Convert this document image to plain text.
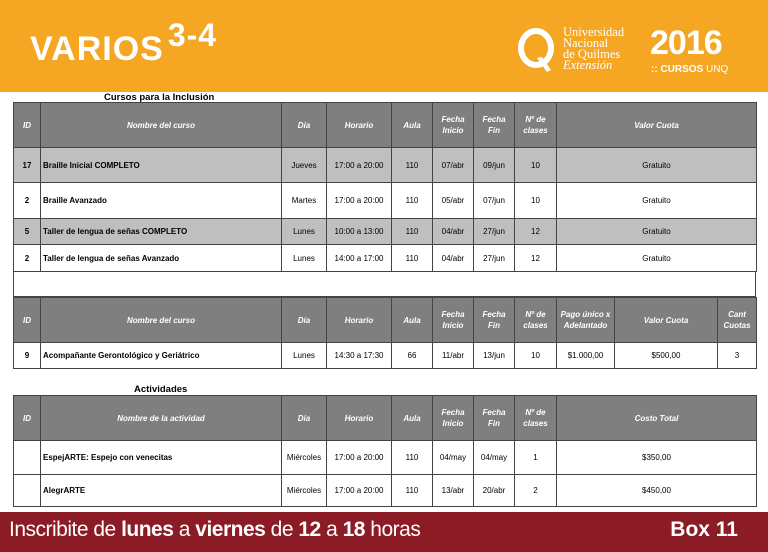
VARIOS 3-4	Universidad
Nacional
de Quilmes
Extensión
2016
:: CURSOS UNQ
Cursos para la Inclusión
ID	Nombre del curso	Día	Horario	Aula	Fecha Inicio	Fecha Fin	Nº de clases	Valor Cuota
17	Braille Inicial COMPLETO	Jueves	17:00 a 20:00	110	07/abr	09/jun	10	Gratuito
2	Braille Avanzado	Martes	17:00 a 20:00	110	05/abr	07/jun	10	Gratuito
5	Taller de lengua de señas COMPLETO	Lunes	10:00 a 13:00	110	04/abr	27/jun	12	Gratuito
2	Taller de lengua de señas Avanzado	Lunes	14:00 a 17:00	110	04/abr	27/jun	12	Gratuito
ID	Nombre del curso	Día	Horario	Aula	Fecha Inicio	Fecha Fin	Nº de clases	Pago único x Adelantado	Valor Cuota	Cant Cuotas
9	Acompañante Gerontológico y Geriátrico	Lunes	14:30 a 17:30	66	11/abr	13/jun	10	$1.000,00	$500,00	3
Actividades
ID	Nombre de la actividad	Día	Horario	Aula	Fecha Inicio	Fecha Fin	Nº de clases	Costo Total
	EspejARTE: Espejo con venecitas	Miércoles	17:00 a 20:00	110	04/may	04/may	1	$350,00
	AlegrARTE	Miércoles	17:00 a 20:00	110	13/abr	20/abr	2	$450,00
Inscribite de lunes a viernes de 12 a 18 horas	Box 11
